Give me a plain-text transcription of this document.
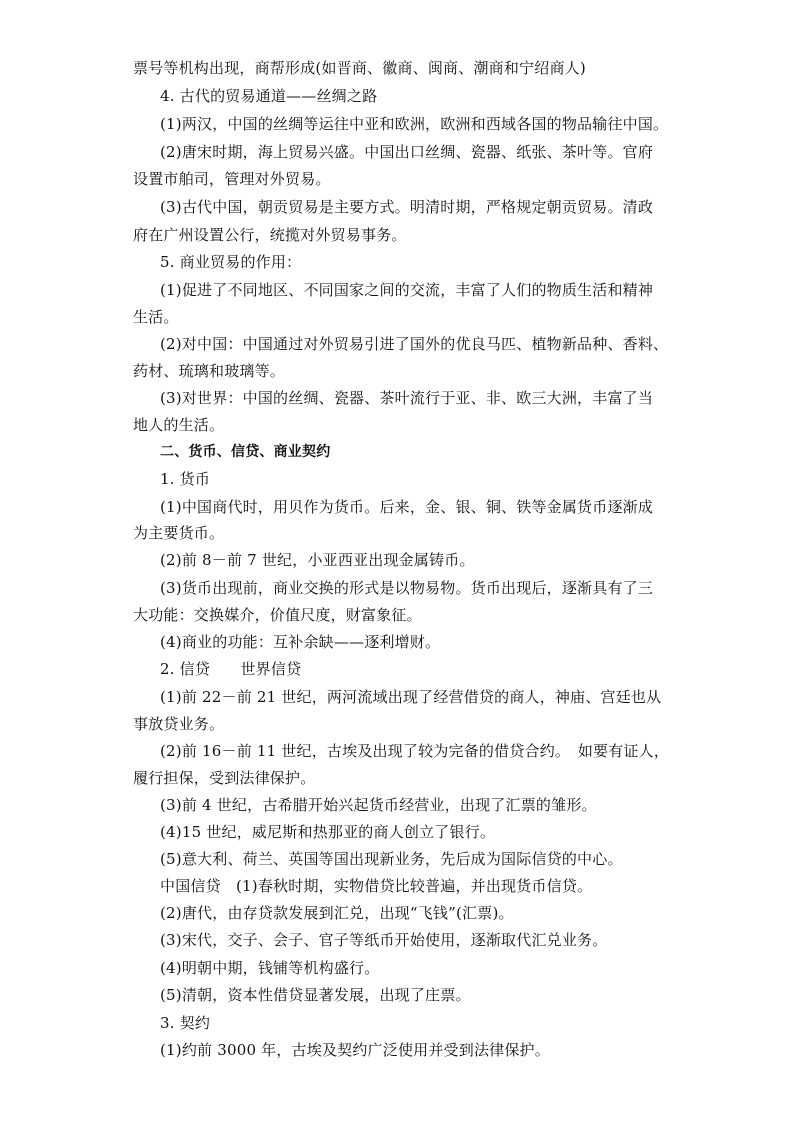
票号等机构出现，商帮形成(如晋商、徽商、闽商、潮商和宁绍商人)
4. 古代的贸易通道——丝绸之路
(1)两汉，中国的丝绸等运往中亚和欧洲，欧洲和西域各国的物品输往中国。
(2)唐宋时期，海上贸易兴盛。中国出口丝绸、瓷器、纸张、茶叶等。官府
设置市舶司，管理对外贸易。
(3)古代中国，朝贡贸易是主要方式。明清时期，严格规定朝贡贸易。清政
府在广州设置公行，统揽对外贸易事务。
5. 商业贸易的作用：
(1)促进了不同地区、不同国家之间的交流，丰富了人们的物质生活和精神
生活。
(2)对中国：中国通过对外贸易引进了国外的优良马匹、植物新品种、香料、
药材、琉璃和玻璃等。
(3)对世界：中国的丝绸、瓷器、茶叶流行于亚、非、欧三大洲，丰富了当
地人的生活。
二、货币、信贷、商业契约
1. 货币
(1)中国商代时，用贝作为货币。后来，金、银、铜、铁等金属货币逐渐成
为主要货币。
(2)前 8－前 7 世纪，小亚西亚出现金属铸币。
(3)货币出现前，商业交换的形式是以物易物。货币出现后，逐渐具有了三
大功能：交换媒介，价值尺度，财富象征。
(4)商业的功能：互补余缺——逐利增财。
2. 信贷　　世界信贷
(1)前 22－前 21 世纪，两河流域出现了经营借贷的商人，神庙、宫廷也从
事放贷业务。
(2)前 16－前 11 世纪，古埃及出现了较为完备的借贷合约。　如要有证人，
履行担保，受到法律保护。
(3)前 4 世纪，古希腊开始兴起货币经营业，出现了汇票的雏形。
(4)15 世纪，威尼斯和热那亚的商人创立了银行。
(5)意大利、荷兰、英国等国出现新业务，先后成为国际信贷的中心。
中国信贷　(1)春秋时期，实物借贷比较普遍，并出现货币信贷。
(2)唐代，由存贷款发展到汇兑，出现“飞钱”(汇票)。
(3)宋代，交子、会子、官子等纸币开始使用，逐渐取代汇兑业务。
(4)明朝中期，钱铺等机构盛行。
(5)清朝，资本性借贷显著发展，出现了庄票。
3. 契约
(1)约前 3000 年，古埃及契约广泛使用并受到法律保护。
